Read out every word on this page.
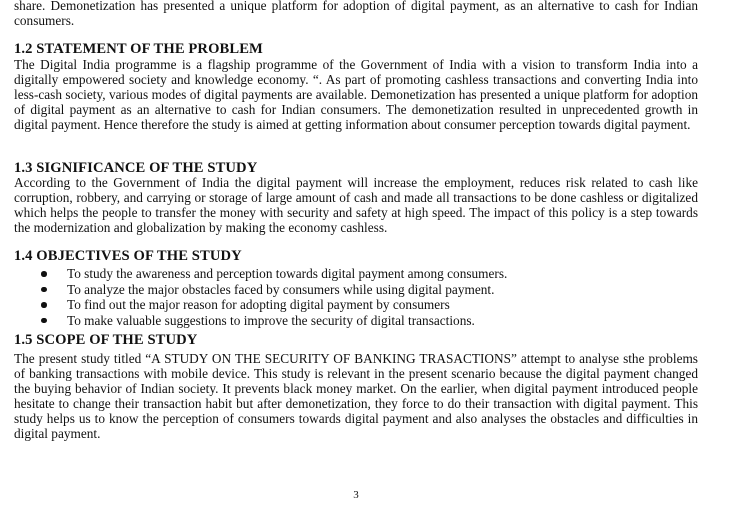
share. Demonetization has presented a unique platform for adoption of digital payment, as an alternative to cash for Indian consumers.

1.2 STATEMENT OF THE PROBLEM

The Digital India programme is a flagship programme of the Government of India with a vision to transform India into a digitally empowered society and knowledge economy. “. As part of promoting cashless transactions and converting India into less-cash society, various modes of digital payments are available. Demonetization has presented a unique platform for adoption of digital payment as an alternative to cash for Indian consumers. The demonetization resulted in unprecedented growth in digital payment. Hence therefore the study is aimed at getting information about consumer perception towards digital payment.

1.3 SIGNIFICANCE OF THE STUDY

According to the Government of India the digital payment will increase the employment, reduces risk related to cash like corruption, robbery, and carrying or storage of large amount of cash and made all transactions to be done cashless or digitalized which helps the people to transfer the money with security and safety at high speed. The impact of this policy is a step towards the modernization and globalization by making the economy cashless.

1.4 OBJECTIVES OF THE STUDY
To study the awareness and perception towards digital payment among consumers.
To analyze the major obstacles faced by consumers while using digital payment.
To find out the major reason for adopting digital payment by consumers
To make valuable suggestions to improve the security of digital transactions.
1.5 SCOPE OF THE STUDY

The present study titled “A STUDY ON THE SECURITY OF BANKING TRASACTIONS” attempt to analyse sthe problems of banking transactions with mobile device. This study is relevant in the present scenario because the digital payment changed the buying behavior of Indian society. It prevents black money market. On the earlier, when digital payment introduced people hesitate to change their transaction habit but after demonetization, they force to do their transaction with digital payment. This study helps us to know the perception of consumers towards digital payment and also analyses the obstacles and difficulties in digital payment.

3
